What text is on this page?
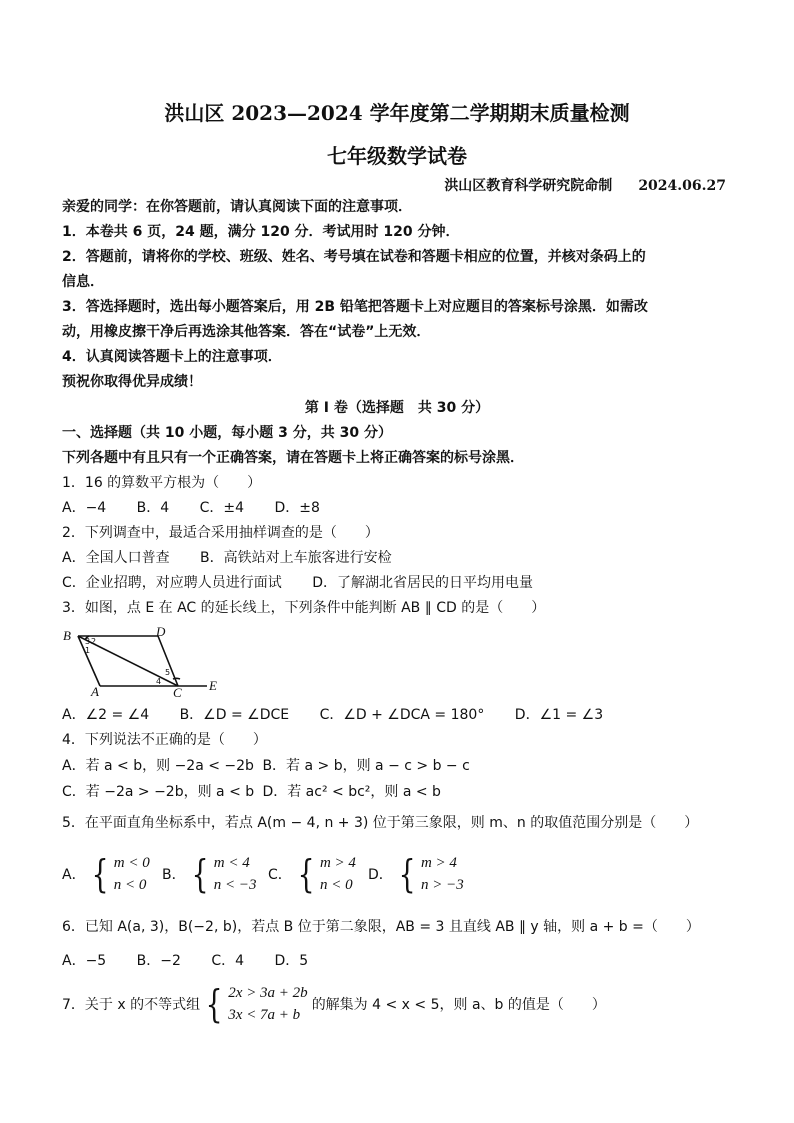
洪山区 2023—2024 学年度第二学期期末质量检测
七年级数学试卷
洪山区教育科学研究院命制 2024.06.27
亲爱的同学：在你答题前，请认真阅读下面的注意事项．
1．本卷共 6 页，24 题，满分 120 分．考试用时 120 分钟．
2．答题前，请将你的学校、班级、姓名、考号填在试卷和答题卡相应的位置，并核对条码上的
信息．
3．答选择题时，选出每小题答案后，用 2B 铅笔把答题卡上对应题目的答案标号涂黑．如需改
动，用橡皮擦干净后再选涂其他答案．答在“试卷”上无效．
4．认真阅读答题卡上的注意事项．
预祝你取得优异成绩！
第 I 卷（选择题　共 30 分）
一、选择题（共 10 小题，每小题 3 分，共 30 分）
下列各题中有且只有一个正确答案，请在答题卡上将正确答案的标号涂黑．
1．16 的算数平方根为（　　）
A．−4 B．4 C．±4 D．±8
2．下列调查中，最适合采用抽样调查的是（　　）
A．全国人口普查 B．高铁站对上车旅客进行安检
C．企业招聘，对应聘人员进行面试 D．了解湖北省居民的日平均用电量
3．如图，点 E 在 AC 的延长线上，下列条件中能判断 AB ∥ CD 的是（　　）
B	D
A	C E
1
2
3
4
5
A．∠2 = ∠4 B．∠D = ∠DCE C．∠D + ∠DCA = 180° D．∠1 = ∠3
4．下列说法不正确的是（　　）
A．若 a < b，则 −2a < −2b B．若 a > b，则 a − c > b − c
C．若 −2a > −2b，则 a < b D．若 ac² < bc²，则 a < b
5．在平面直角坐标系中，若点 A(m − 4, n + 3) 位于第三象限，则 m、n 的取值范围分别是（　　）
A． { m < 0
n < 0
B． { m < 4
n < −3
C． { m > 4
n < 0
D． { m > 4
n > −3
6．已知 A(a, 3)，B(−2, b)，若点 B 位于第二象限，AB = 3 且直线 AB ∥ y 轴，则 a + b =（　　）
A．−5 B．−2 C．4 D．5
7．关于 x 的不等式组 { 2x > 3a + 2b
3x < 7a + b
的解集为 4 < x < 5，则 a、b 的值是（　　）
